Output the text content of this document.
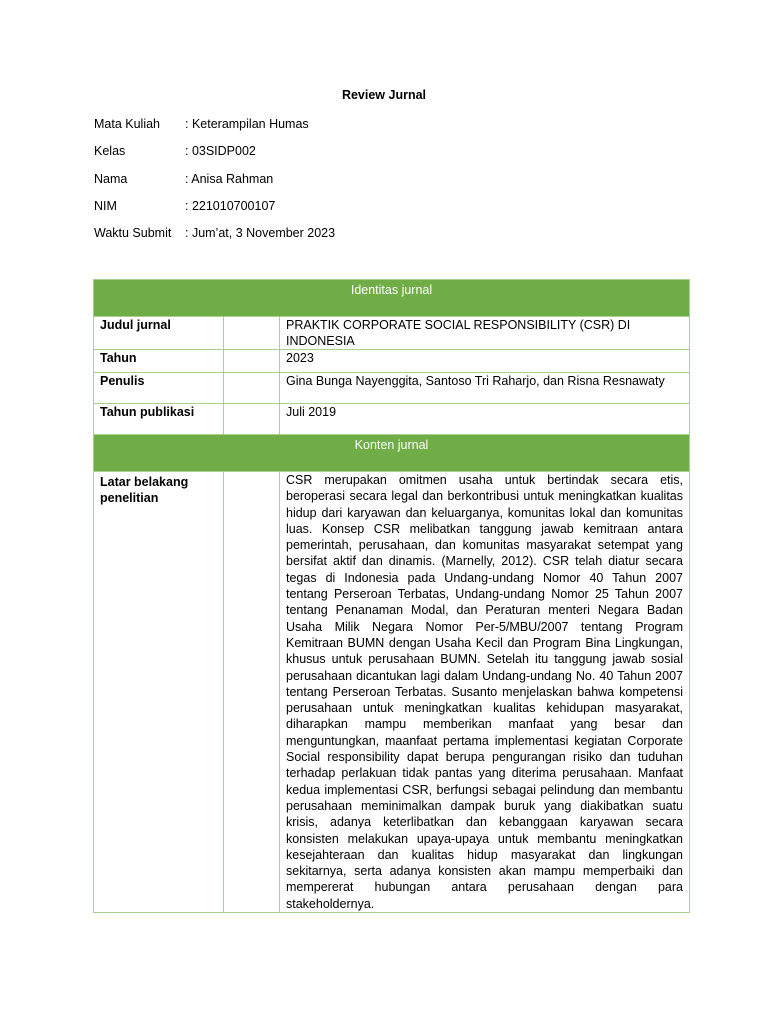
Review Jurnal
Mata Kuliah : Keterampilan Humas
Kelas	: 03SIDP002
Nama	: Anisa Rahman
NIM	: 221010700107
Waktu Submit : Jum’at, 3 November 2023
Identitas jurnal		
Judul jurnal		PRAKTIK CORPORATE SOCIAL RESPONSIBILITY (CSR) DI INDONESIA
Tahun		2023
Penulis		Gina Bunga Nayenggita, Santoso Tri Raharjo, dan Risna Resnawaty
Tahun publikasi		Juli 2019
Konten jurnal		
Latar belakang penelitian		CSR merupakan omitmen usaha untuk bertindak secara etis, beroperasi secara legal dan berkontribusi untuk meningkatkan kualitas hidup dari karyawan dan keluarganya, komunitas lokal dan komunitas luas. Konsep CSR melibatkan tanggung jawab kemitraan antara pemerintah, perusahaan, dan komunitas masyarakat setempat yang bersifat aktif dan dinamis. (Marnelly, 2012). CSR telah diatur secara tegas di Indonesia pada Undang-undang Nomor 40 Tahun 2007 tentang Perseroan Terbatas, Undang-undang Nomor 25 Tahun 2007 tentang Penanaman Modal, dan Peraturan menteri Negara Badan Usaha Milik Negara Nomor Per-5/MBU/2007 tentang Program Kemitraan BUMN dengan Usaha Kecil dan Program Bina Lingkungan, khusus untuk perusahaan BUMN. Setelah itu tanggung jawab sosial perusahaan dicantukan lagi dalam Undang-undang No. 40 Tahun 2007 tentang Perseroan Terbatas. Susanto menjelaskan bahwa kompetensi perusahaan untuk meningkatkan kualitas kehidupan masyarakat, diharapkan mampu memberikan manfaat yang besar dan menguntungkan, maanfaat pertama implementasi kegiatan Corporate Social responsibility dapat berupa pengurangan risiko dan tuduhan terhadap perlakuan tidak pantas yang diterima perusahaan. Manfaat kedua implementasi CSR, berfungsi sebagai pelindung dan membantu perusahaan meminimalkan dampak buruk yang diakibatkan suatu krisis, adanya keterlibatkan dan kebanggaan karyawan secara konsisten melakukan upaya-upaya untuk membantu meningkatkan kesejahteraan dan kualitas hidup masyarakat dan lingkungan sekitarnya, serta adanya konsisten akan mampu memperbaiki dan mempererat hubungan antara perusahaan dengan para stakeholdernya.
